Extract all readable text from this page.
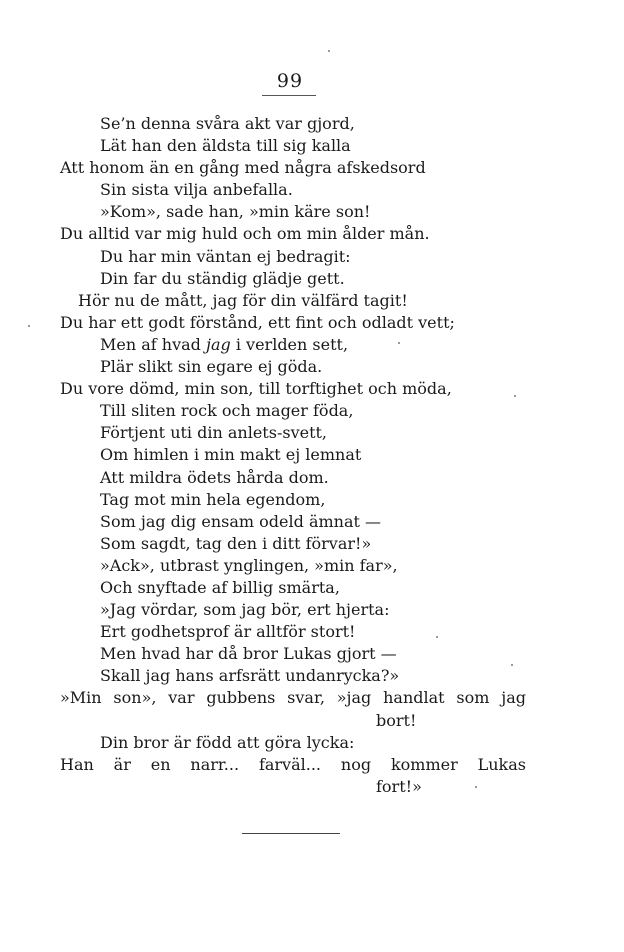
99
Se’n denna svåra akt var gjord,
Lät han den äldsta till sig kalla
Att honom än en gång med några afskedsord
Sin sista vilja anbefalla.
»Kom», sade han, »min käre son!
Du alltid var mig huld och om min ålder mån.
Du har min väntan ej bedragit:
Din far du ständig glädje gett.
Hör nu de mått, jag för din välfärd tagit!
Du har ett godt förstånd, ett fint och odladt vett;
Men af hvad jag i verlden sett,
Plär slikt sin egare ej göda.
Du vore dömd, min son, till torftighet och möda,
Till sliten rock och mager föda,
Förtjent uti din anlets-svett,
Om himlen i min makt ej lemnat
Att mildra ödets hårda dom.
Tag mot min hela egendom,
Som jag dig ensam odeld ämnat —
Som sagdt, tag den i ditt förvar!»
»Ack», utbrast ynglingen, »min far»,
Och snyftade af billig smärta,
»Jag vördar, som jag bör, ert hjerta:
Ert godhetsprof är alltför stort!
Men hvad har då bror Lukas gjort —
Skall jag hans arfsrätt undanrycka?»
»Min son», var gubbens svar, »jag handlat som jag
bort!
Din bror är född att göra lycka:
Han är en narr... farväl... nog kommer Lukas
fort!»
